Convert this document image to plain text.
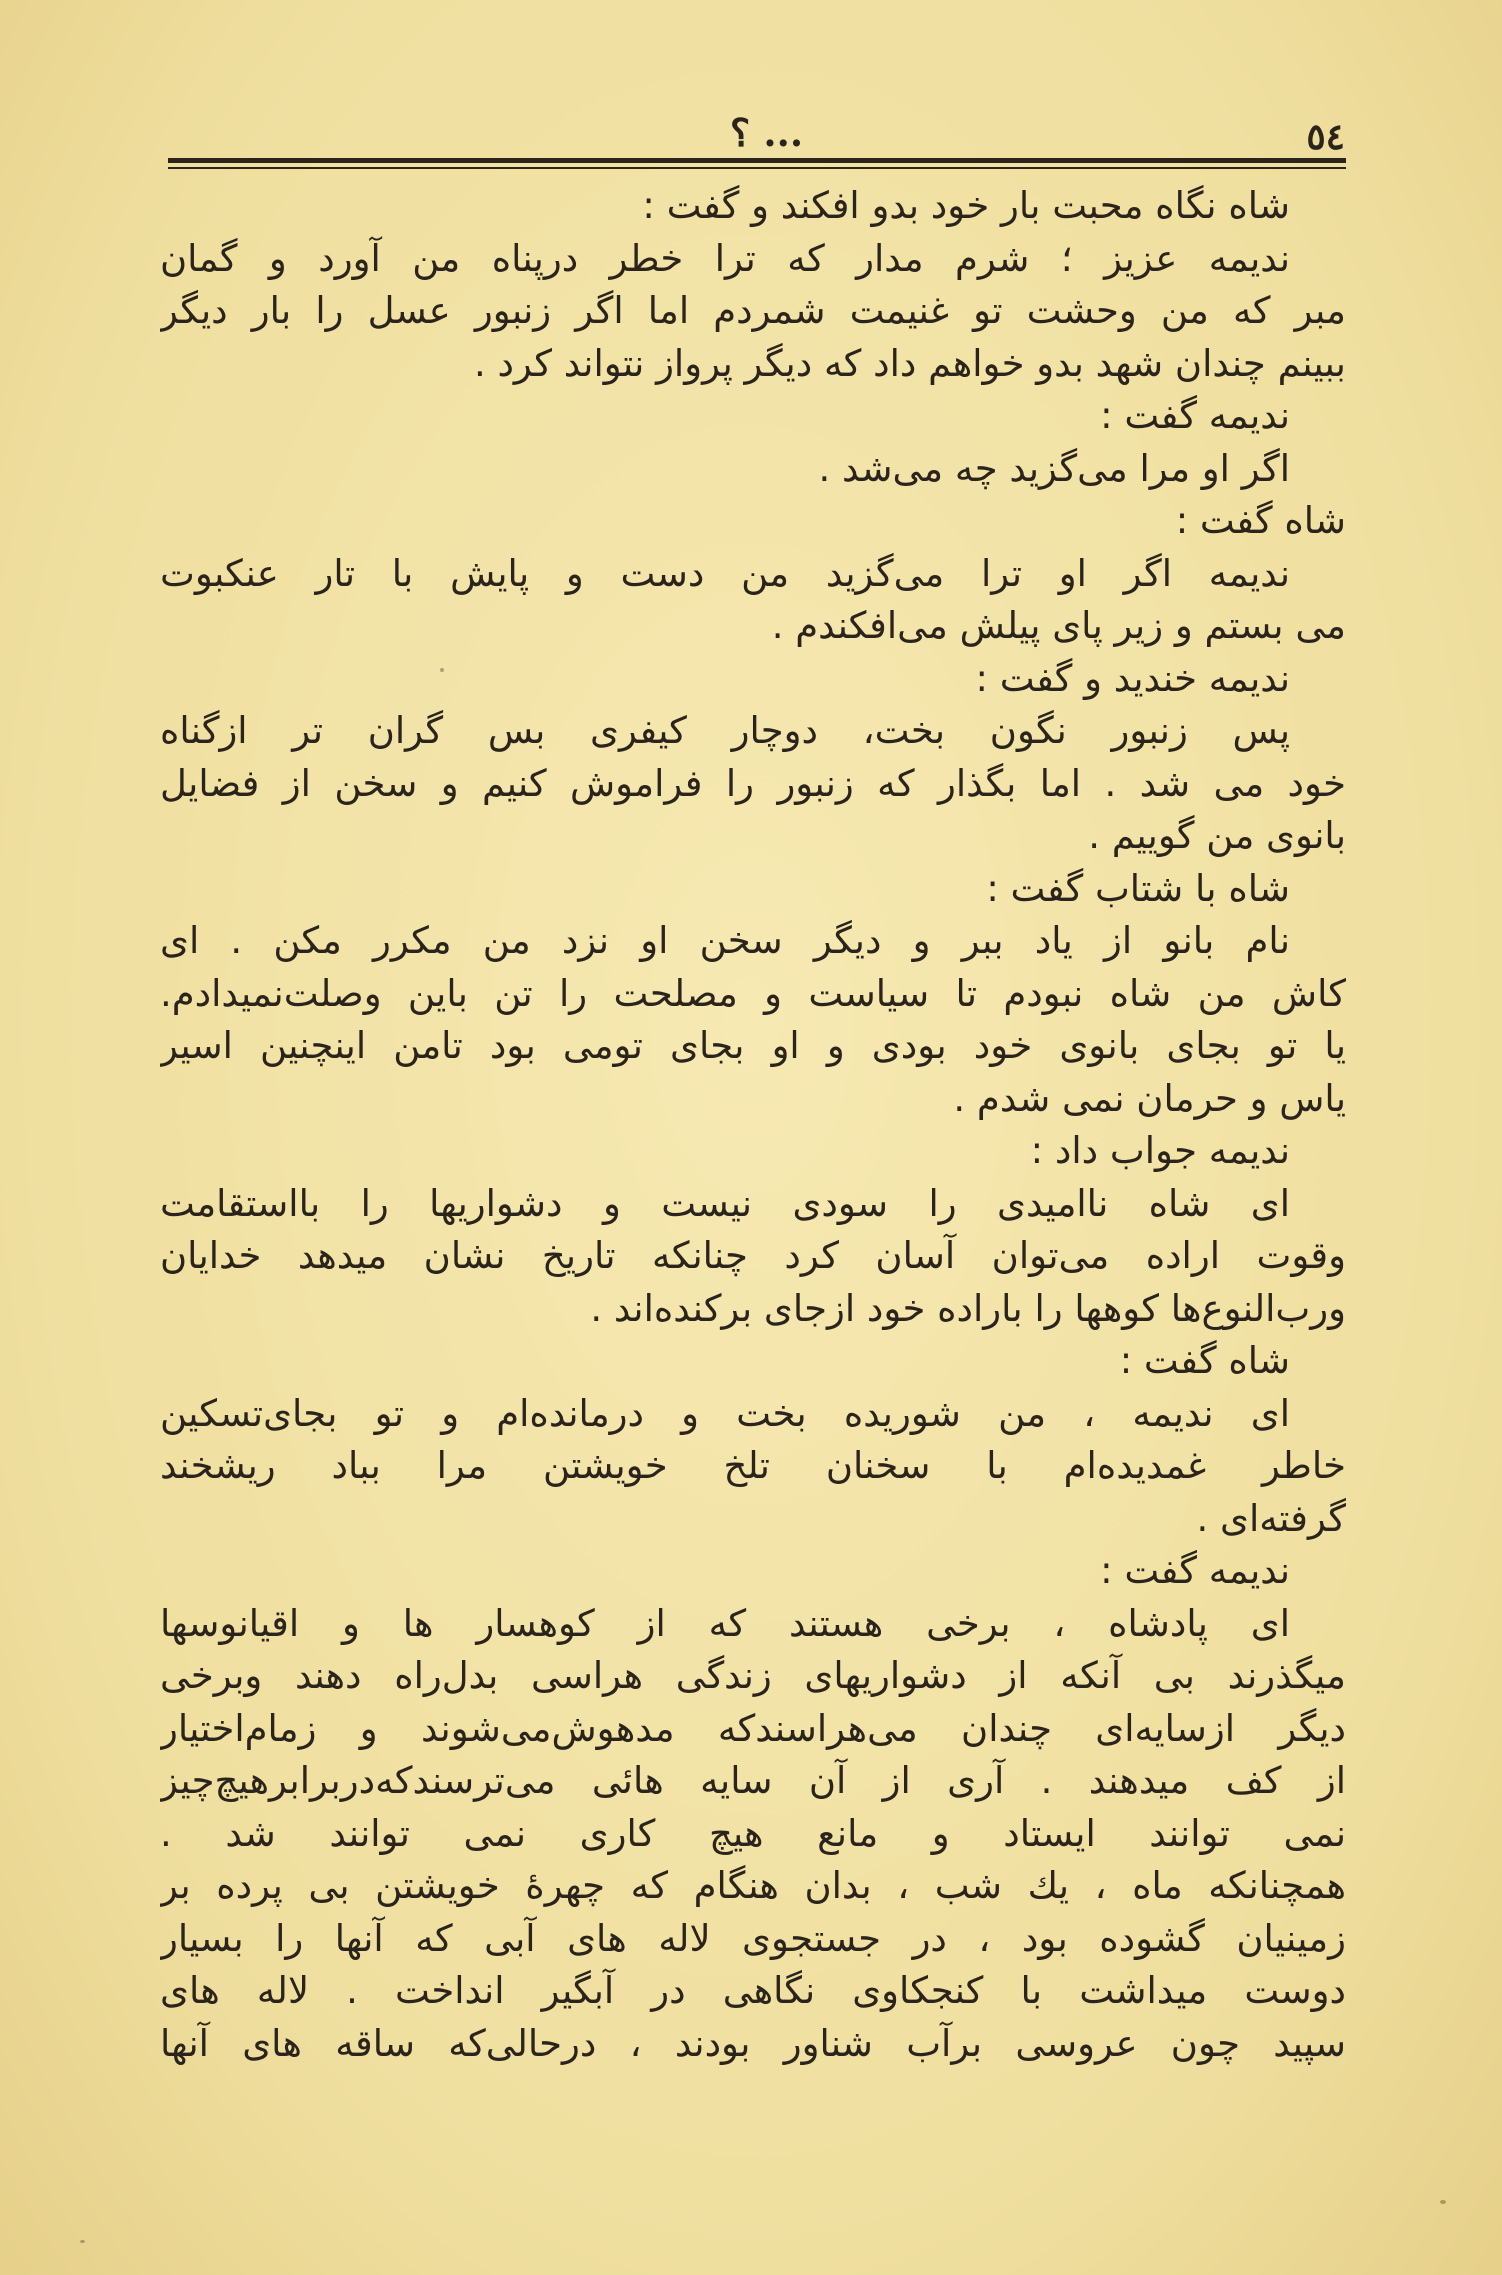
٥٤
؟ ...
شاه نگاه محبت بار خود بدو افکند و گفت :
ندیمه عزیز ؛ شرم مدار که ترا خطر درپناه من آورد و گمان
مبر که من وحشت تو غنیمت شمردم اما اگر زنبور عسل را بار دیگر
ببینم چندان شهد بدو خواهم داد که دیگر پرواز نتواند کرد .
ندیمه گفت :
اگر او مرا می‌گزید چه می‌شد .
شاه گفت :
ندیمه اگر او ترا می‌گزید من دست و پایش با تار عنکبوت
می بستم و زیر پای پیلش می‌افکندم .
ندیمه خندید و گفت :
پس زنبور نگون بخت، دوچار کیفری بس گران تر ازگناه
خود می شد . اما بگذار که زنبور را فراموش کنیم و سخن از فضایل
بانوی من گوییم .
شاه با شتاب گفت :
نام بانو از یاد ببر و دیگر سخن او نزد من مکرر مکن . ای
کاش من شاه نبودم تا سیاست و مصلحت را تن باین وصلت‌نمیدادم.
یا تو بجای بانوی خود بودی و او بجای تومی بود تامن اینچنین اسیر
یاس و حرمان نمی شدم .
ندیمه جواب داد :
ای شاه ناامیدی را سودی نیست و دشواریها را بااستقامت
وقوت اراده می‌توان آسان کرد چنانکه تاریخ نشان میدهد خدایان
ورب‌النوع‌ها کوهها را باراده خود ازجای برکنده‌اند .
شاه گفت :
ای ندیمه ، من شوریده بخت و درمانده‌ام و تو بجای‌تسکین
خاطر غمدیده‌ام با سخنان تلخ خویشتن مرا بباد ریشخند
گرفته‌ای .
ندیمه گفت :
ای پادشاه ، برخی هستند که از کوهسار ها و اقیانوسها
میگذرند بی آنکه از دشواریهای زندگی هراسی بدل‌راه دهند وبرخی
دیگر ازسایه‌ای چندان می‌هراسندکه مدهوش‌می‌شوند و زمام‌اختیار
از کف میدهند . آری از آن سایه هائی می‌ترسندکه‌دربرابرهیچ‌چیز
نمی توانند ایستاد و مانع هیچ کاری نمی توانند شد .
همچنانکه ماه ، یك شب ، بدان هنگام که چهرهٔ خویشتن بی پرده بر
زمینیان گشوده بود ، در جستجوی لاله های آبی که آنها را بسیار
دوست میداشت با کنجکاوی نگاهی در آبگیر انداخت . لاله های
سپید چون عروسی برآب شناور بودند ، درحالی‌که ساقه های آنها
